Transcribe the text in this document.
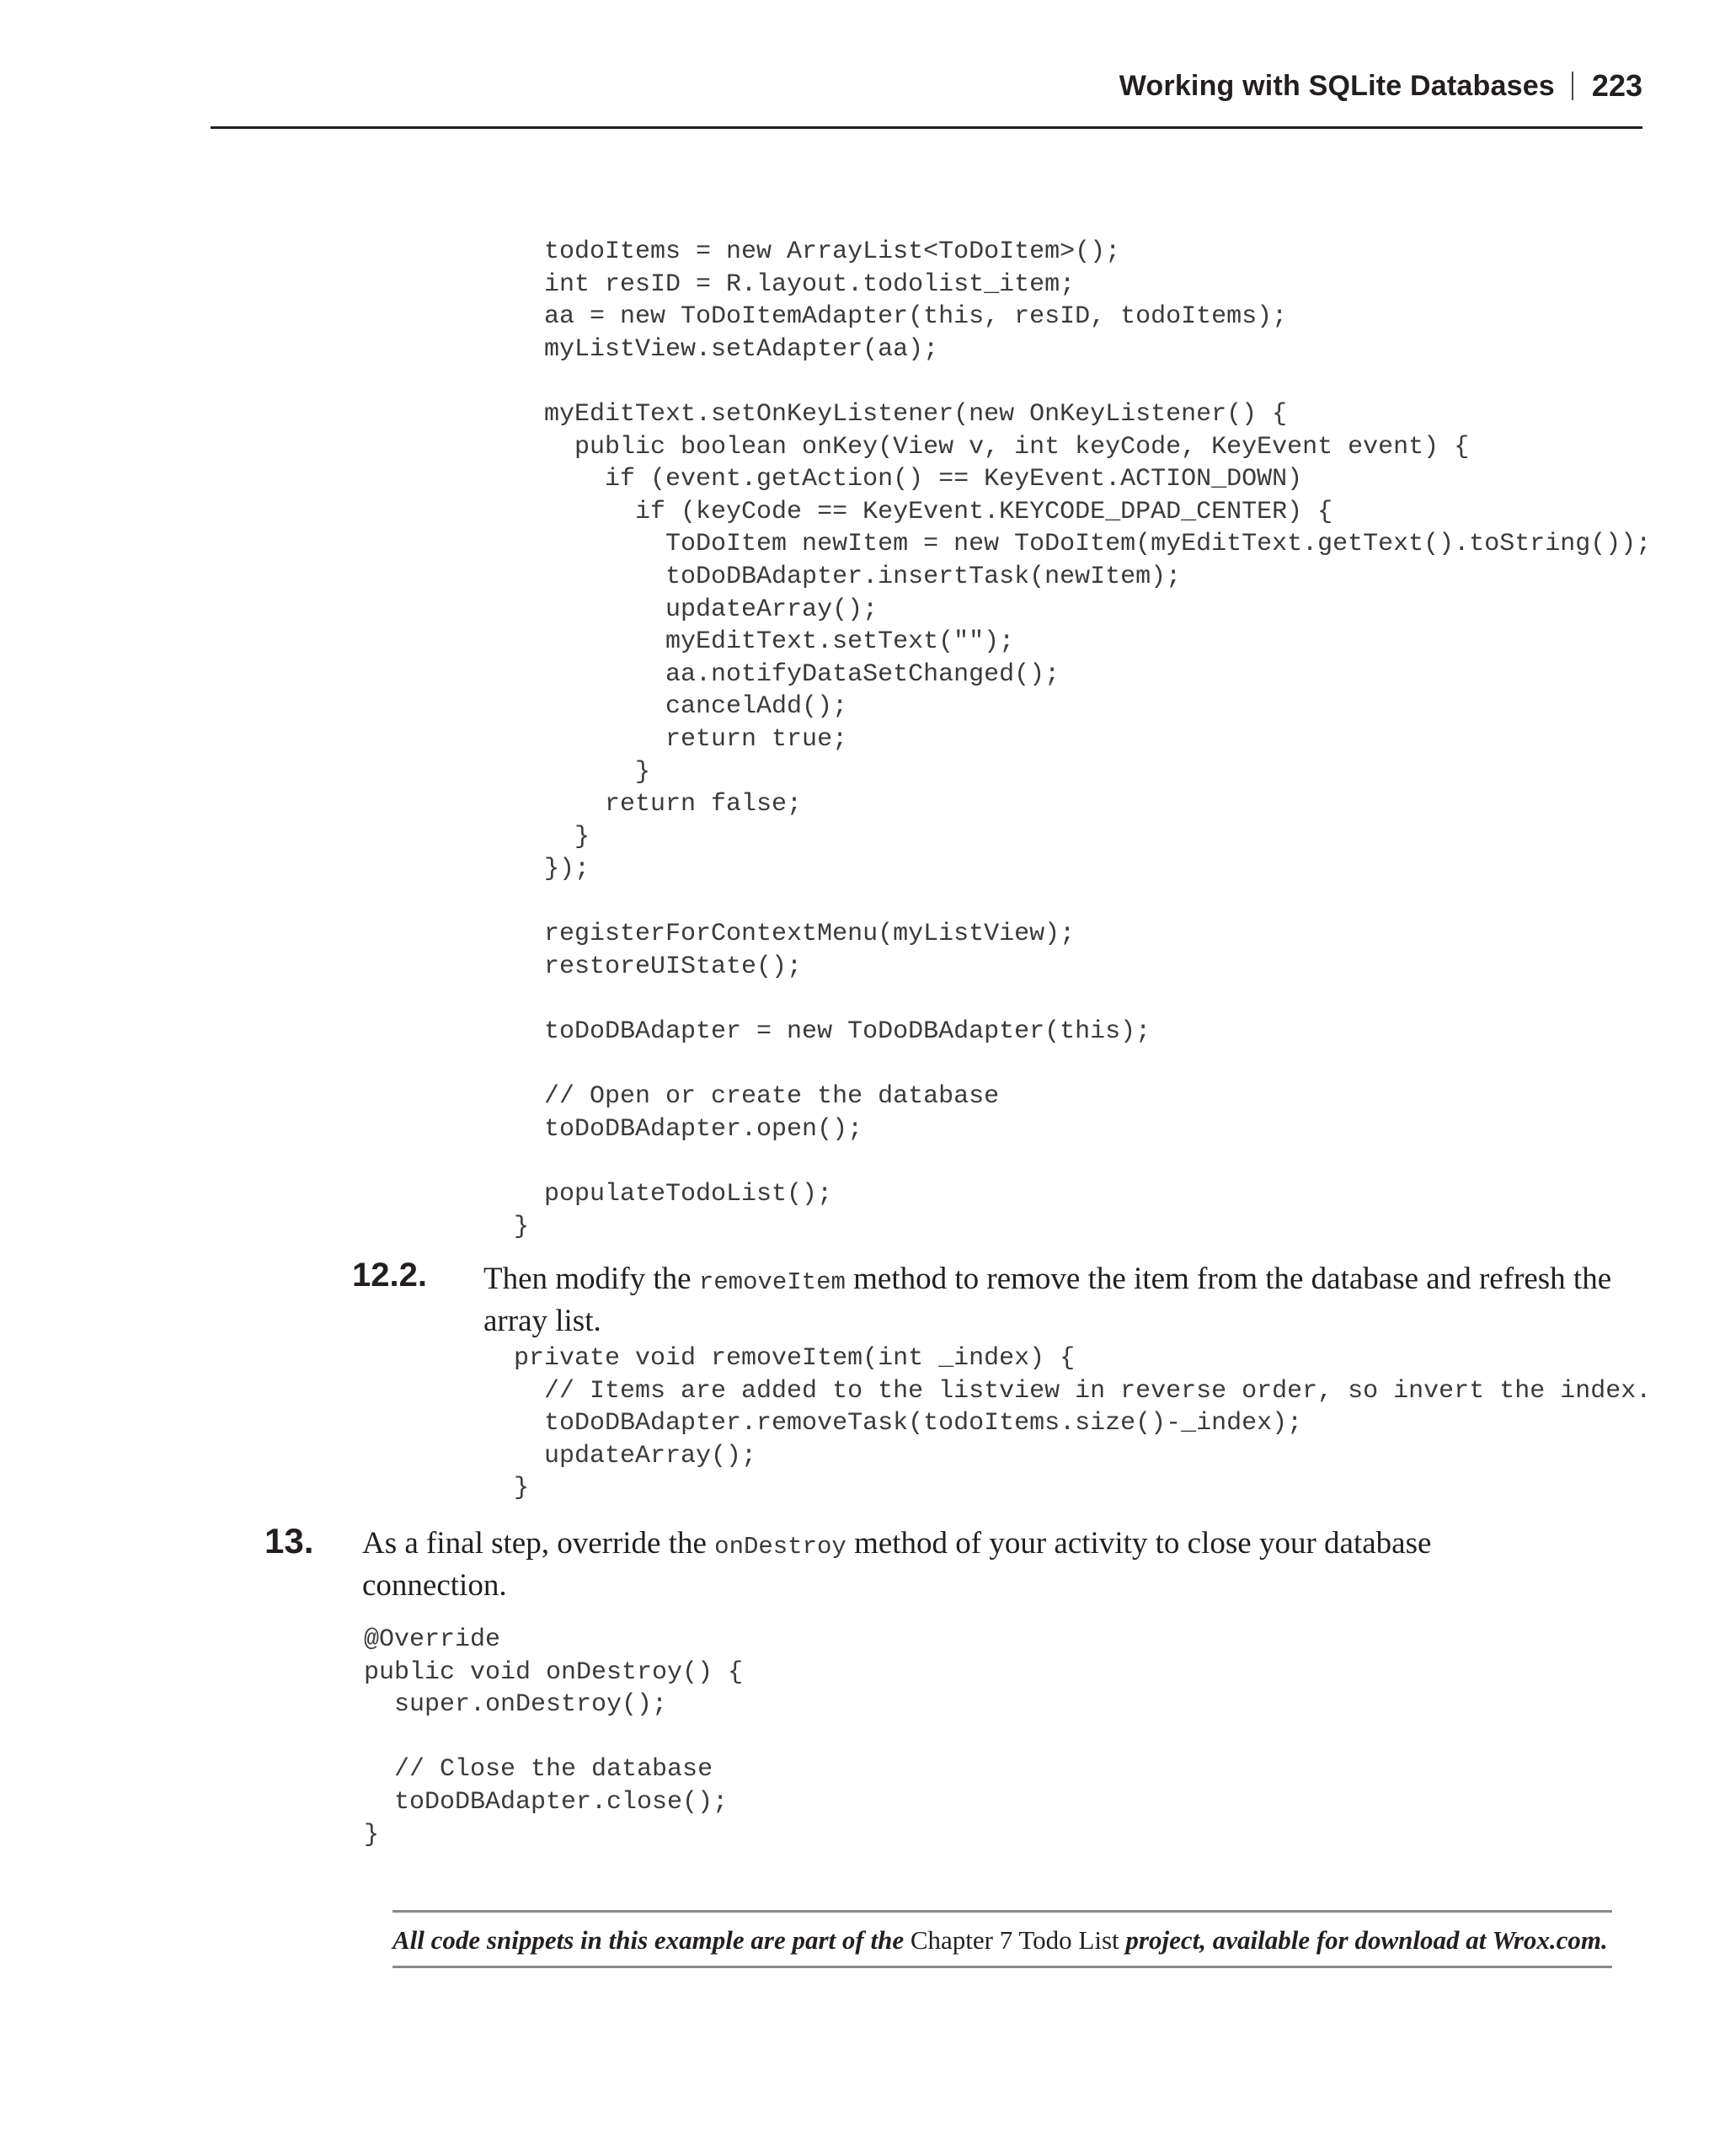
Working with SQLite Databases 223
todoItems = new ArrayList<ToDoItem>();
int resID = R.layout.todolist_item;
aa = new ToDoItemAdapter(this, resID, todoItems);
myListView.setAdapter(aa);

myEditText.setOnKeyListener(new OnKeyListener() {
public boolean onKey(View v, int keyCode, KeyEvent event) {
if (event.getAction() == KeyEvent.ACTION_DOWN)
if (keyCode == KeyEvent.KEYCODE_DPAD_CENTER) {
ToDoItem newItem = new ToDoItem(myEditText.getText().toString());
toDoDBAdapter.insertTask(newItem);
updateArray();
myEditText.setText("");
aa.notifyDataSetChanged();
cancelAdd();
return true;
}
return false;
}
});

registerForContextMenu(myListView);
restoreUIState();

toDoDBAdapter = new ToDoDBAdapter(this);

// Open or create the database
toDoDBAdapter.open();

populateTodoList();
}
12.2. Then modify the removeItem method to remove the item from the database and refresh the array list.
private void removeItem(int _index) {
// Items are added to the listview in reverse order, so invert the index.
toDoDBAdapter.removeTask(todoItems.size()-_index);
updateArray();
}
13. As a final step, override the onDestroy method of your activity to close your database connection.
@Override
public void onDestroy() {
super.onDestroy();

// Close the database
toDoDBAdapter.close();
}
All code snippets in this example are part of the Chapter 7 Todo List project, available for download at Wrox.com.
